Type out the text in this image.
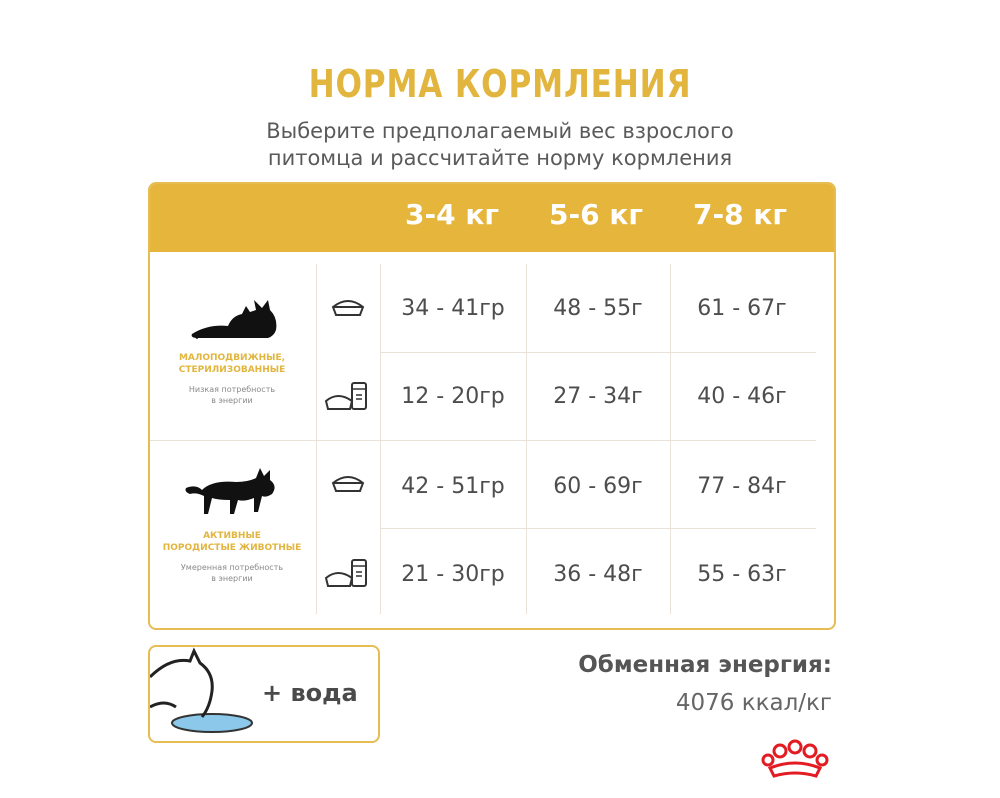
НОРМА КОРМЛЕНИЯ
Выберите предполагаемый вес взрослого
питомца и рассчитайте норму кормления
3-4 кг	5-6 кг	7-8 кг
МАЛОПОДВИЖНЫЕ,
СТЕРИЛИЗОВАННЫЕ
Низкая потребность
в энергии
АКТИВНЫЕ
ПОРОДИСТЫЕ ЖИВОТНЫЕ
Умеренная потребность
в энергии
34 - 41гр	48 - 55г	61 - 67г
12 - 20гр	27 - 34г	40 - 46г
42 - 51гр	60 - 69г	77 - 84г
21 - 30гр	36 - 48г	55 - 63г
+ вода
Обменная энергия:
4076 ккал/кг
